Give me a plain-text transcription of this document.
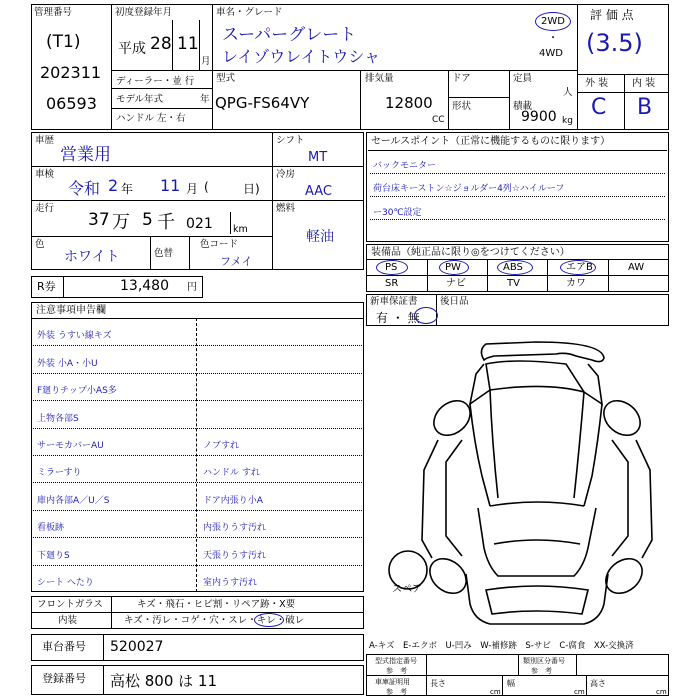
管理番号
(T1)
202311
06593
初度登録年月
平成 28 11
月
ディーラー・並 行
モデル年式	年
ハンドル 左・右
車名・グレード
スーパーグレート
レイゾウレイトウシャ
2WD
・
4WD
型式
QPG-FS64VY
排気量
12800
CC
ドア
形状
定員
人
積載
9900 kg
評 価 点
(3.5)
外 装 内 装
C B
車歴
営業用
車検
令和 2 年 11 月 (	日)
走行
37 万 5 千 021 km
色
ホワイト	色替
色コード
フメイ
シフト
MT
冷房
AAC
燃料
軽油
R券	13,480 円
セールスポイント（正常に機能するものに限ります）
バックモニター
荷台床キーストン☆ジョルダー4列☆ハイルーフ
ー30℃設定
装備品（純正品に限り◎をつけてください）
PS	PW	ABS	エアB	AW
SR	ナビ	TV	カワ
新車保証書
有 ・ 無
後日品
注意事項申告欄
外装 うすい線キズ
外装 小A・小U
F廻りチップ小AS多
上物各部S
サーモカバーAU	ノブすれ
ミラーすり	ハンドル すれ
庫内各部A／U／S	ドア内張り小A
看板跡	内張りうす汚れ
下廻りS	天張りうす汚れ
シート へたり	室内うす汚れ
フロントガラス	キズ・飛石・ヒビ割・リペア跡・X要
内装	キズ・汚レ・コゲ・穴・スレ・キレ・破レ
車台番号 520027
登録番号 高松 800 は 11
スペア
A-キズ　E-エクボ　U-凹み　W-補修跡　S-サビ　C-腐食　XX-交換済
型式指定番号
参　考
類別区分番号
参　考
車庫証明用
参　考
長さ
cm
幅
cm
高さ
cm
